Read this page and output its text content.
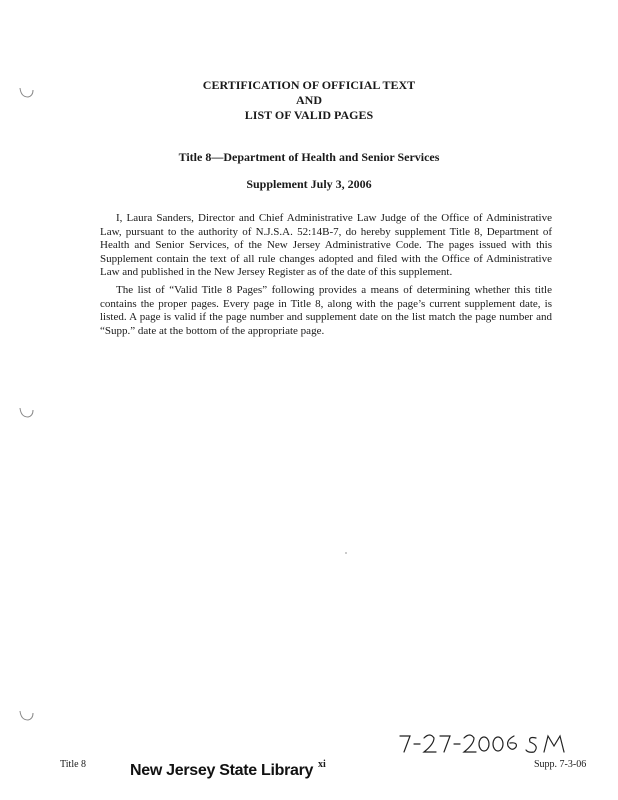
CERTIFICATION OF OFFICIAL TEXT
AND
LIST OF VALID PAGES
Title 8—Department of Health and Senior Services
Supplement July 3, 2006

I, Laura Sanders, Director and Chief Administrative Law Judge of the Office of Administrative Law, pursuant to the authority of N.J.S.A. 52:14B-7, do hereby supplement Title 8, Department of Health and Senior Services, of the New Jersey Administrative Code. The pages issued with this Supplement contain the text of all rule changes adopted and filed with the Office of Administrative Law and published in the New Jersey Register as of the date of this supplement.

The list of “Valid Title 8 Pages” following provides a means of determining whether this title contains the proper pages. Every page in Title 8, along with the page’s current supplement date, is listed. A page is valid if the page number and supplement date on the list match the page number and “Supp.” date at the bottom of the appropriate page.

Title 8	New Jersey State Library xi	Supp. 7-3-06
